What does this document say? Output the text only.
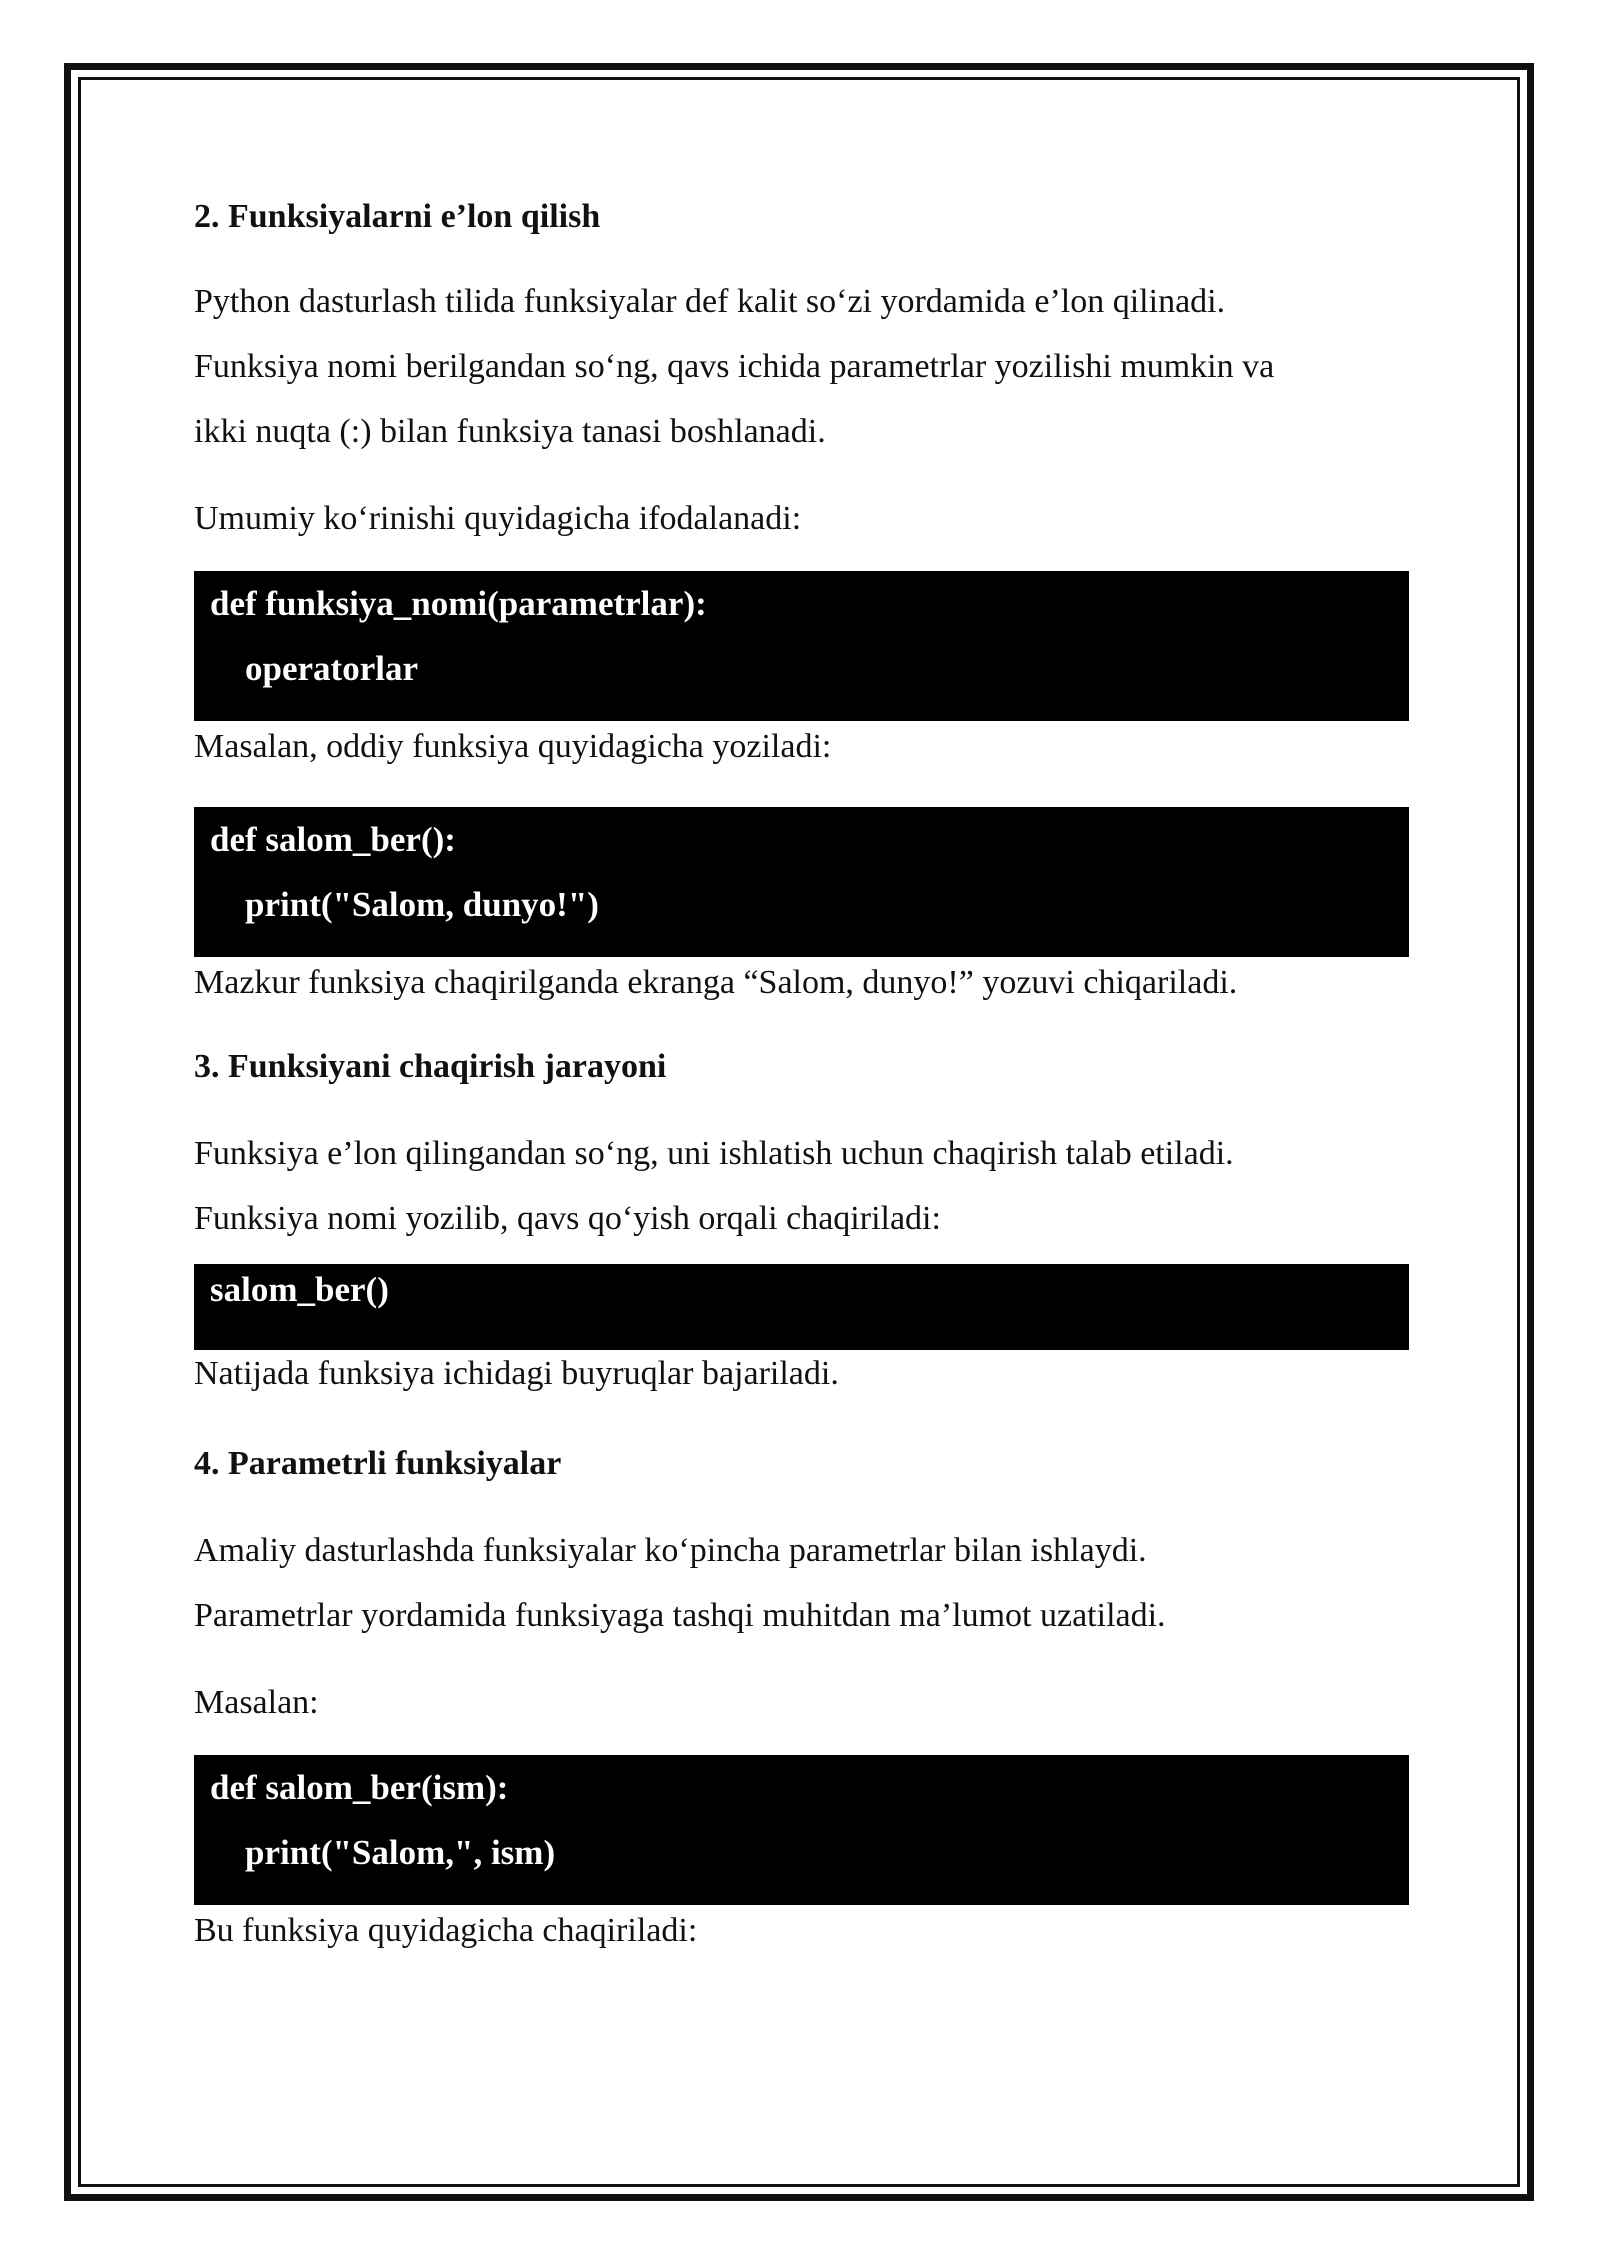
2. Funksiyalarni e’lon qilish

Python dasturlash tilida funksiyalar def kalit so‘zi yordamida e’lon qilinadi.

Funksiya nomi berilgandan so‘ng, qavs ichida parametrlar yozilishi mumkin va

ikki nuqta (:) bilan funksiya tanasi boshlanadi.

Umumiy ko‘rinishi quyidagicha ifodalanadi:

def funksiya_nomi(parametrlar):
operatorlar

Masalan, oddiy funksiya quyidagicha yoziladi:

def salom_ber():
print("Salom, dunyo!")

Mazkur funksiya chaqirilganda ekranga “Salom, dunyo!” yozuvi chiqariladi.

3. Funksiyani chaqirish jarayoni

Funksiya e’lon qilingandan so‘ng, uni ishlatish uchun chaqirish talab etiladi.

Funksiya nomi yozilib, qavs qo‘yish orqali chaqiriladi:

salom_ber()

Natijada funksiya ichidagi buyruqlar bajariladi.

4. Parametrli funksiyalar

Amaliy dasturlashda funksiyalar ko‘pincha parametrlar bilan ishlaydi.

Parametrlar yordamida funksiyaga tashqi muhitdan ma’lumot uzatiladi.

Masalan:

def salom_ber(ism):
print("Salom,", ism)

Bu funksiya quyidagicha chaqiriladi:
